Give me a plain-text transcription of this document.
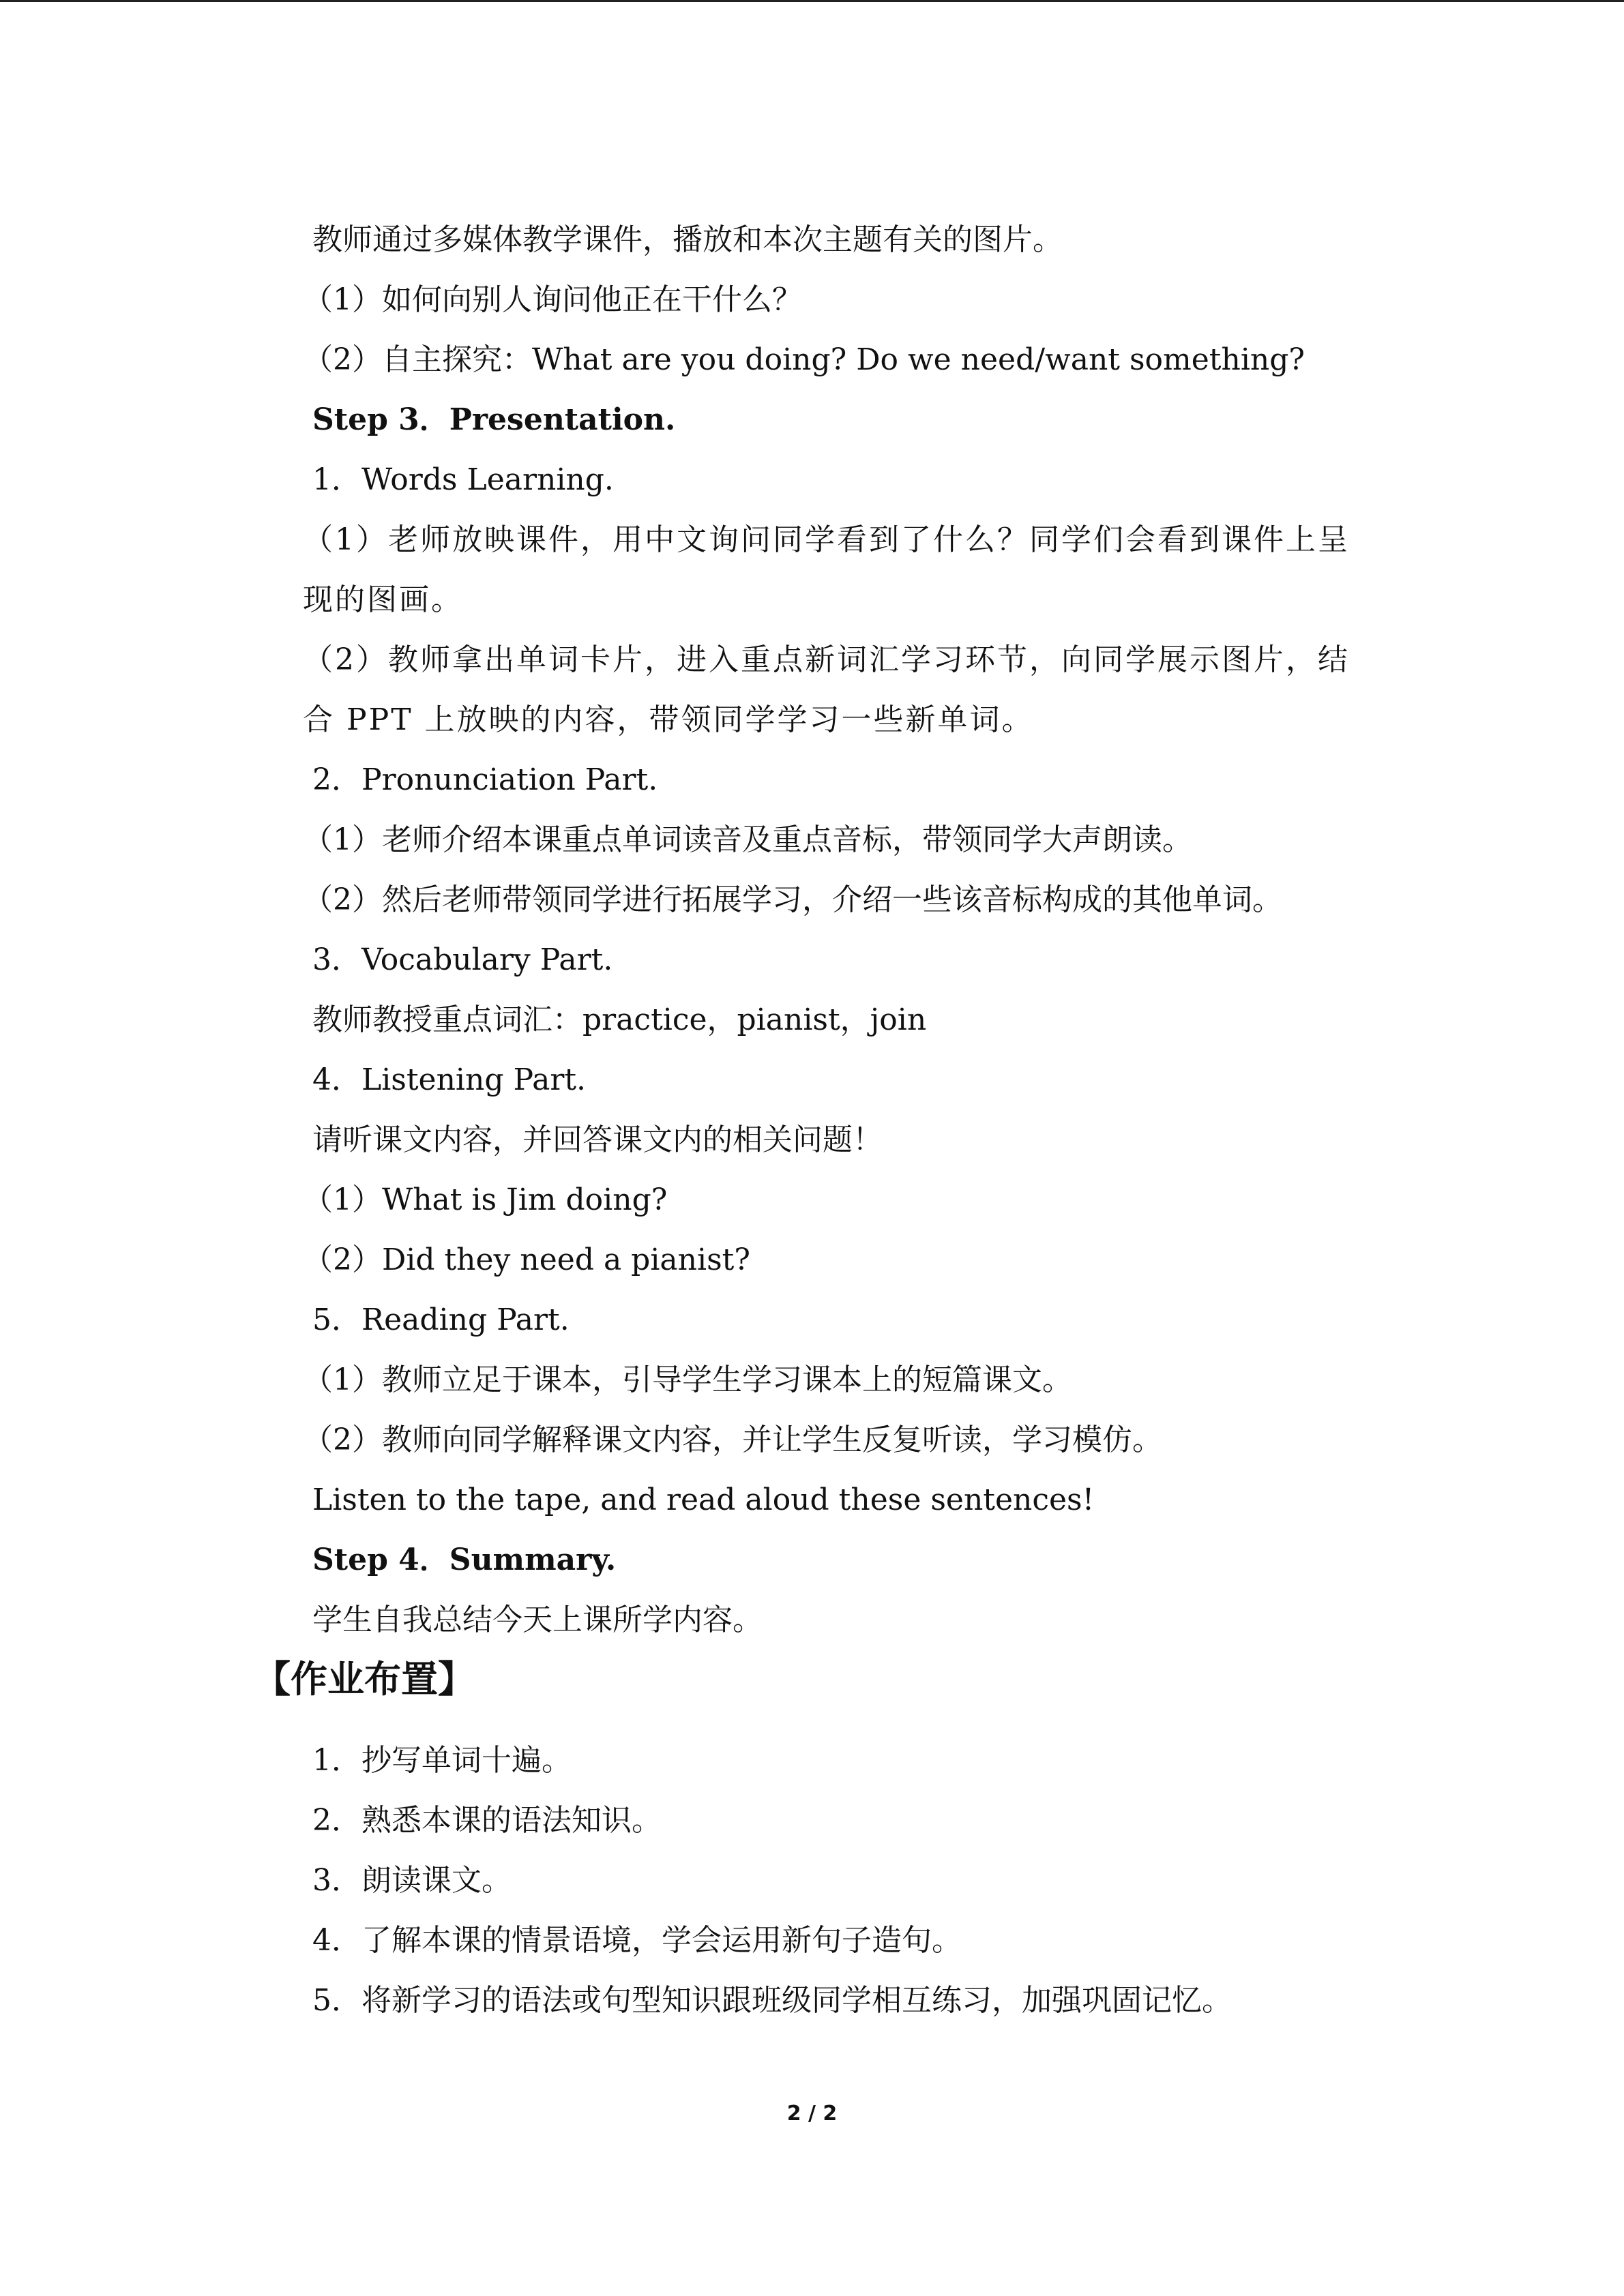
教师通过多媒体教学课件，播放和本次主题有关的图片。
（1）如何向别人询问他正在干什么？
（2）自主探究：What are you doing? Do we need/want something?
Step 3．Presentation.
1．Words Learning.
（1）老师放映课件，用中文询问同学看到了什么？同学们会看到课件上呈现的图画。
（2）教师拿出单词卡片，进入重点新词汇学习环节，向同学展示图片，结合 PPT 上放映的内容，带领同学学习一些新单词。
2．Pronunciation Part.
（1）老师介绍本课重点单词读音及重点音标，带领同学大声朗读。
（2）然后老师带领同学进行拓展学习，介绍一些该音标构成的其他单词。
3．Vocabulary Part.
教师教授重点词汇：practice，pianist，join
4．Listening Part.
请听课文内容，并回答课文内的相关问题！
（1）What is Jim doing?
（2）Did they need a pianist?
5．Reading Part.
（1）教师立足于课本，引导学生学习课本上的短篇课文。
（2）教师向同学解释课文内容，并让学生反复听读，学习模仿。
Listen to the tape, and read aloud these sentences!
Step 4．Summary.
学生自我总结今天上课所学内容。
【作业布置】
1．抄写单词十遍。
2．熟悉本课的语法知识。
3．朗读课文。
4．了解本课的情景语境，学会运用新句子造句。
5．将新学习的语法或句型知识跟班级同学相互练习，加强巩固记忆。
2 / 2
